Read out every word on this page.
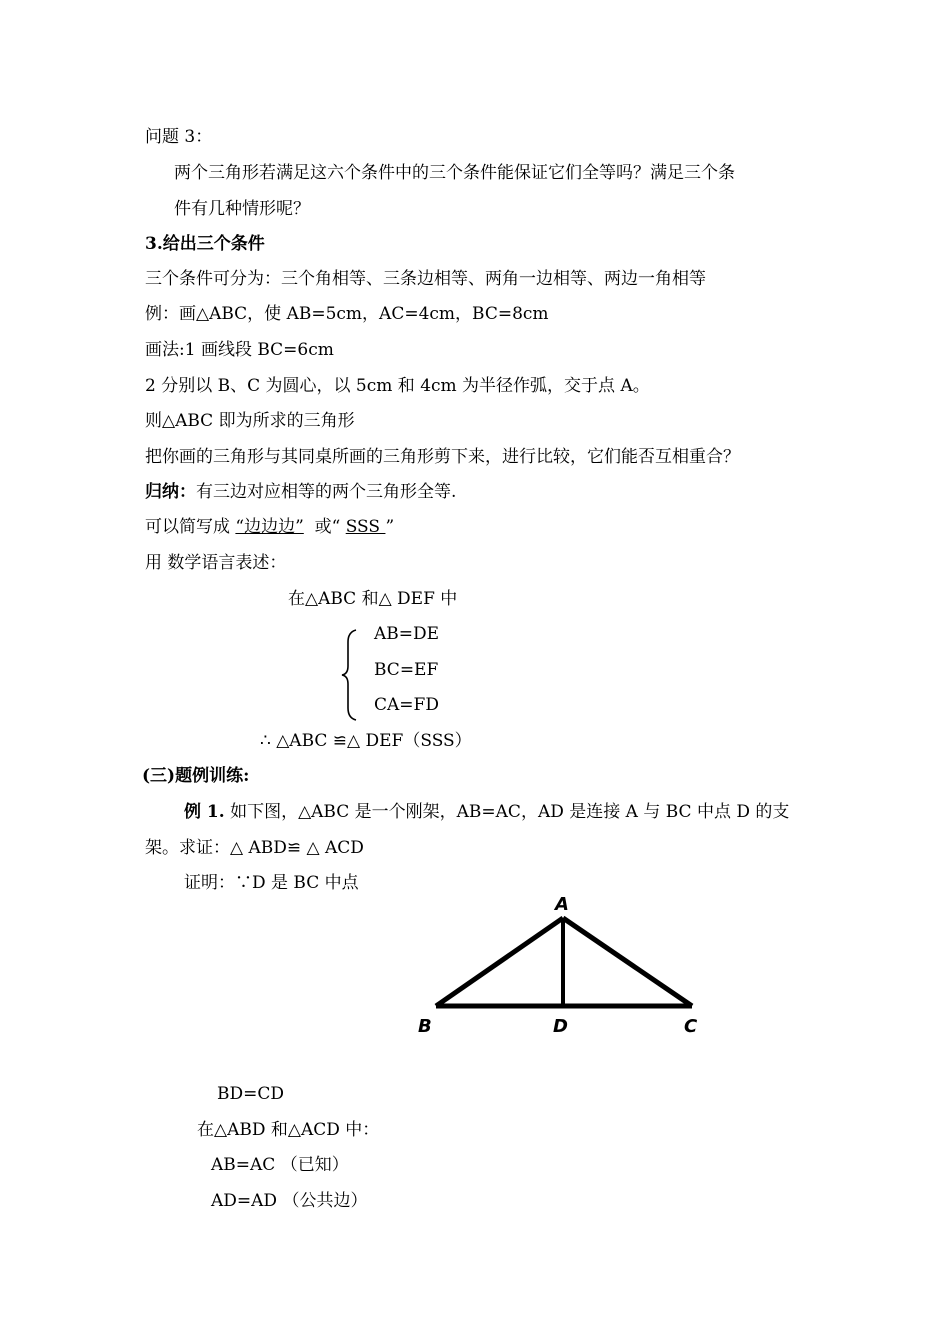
问题 3：
两个三角形若满足这六个条件中的三个条件能保证它们全等吗？满足三个条
件有几种情形呢？
3.给出三个条件
三个条件可分为：三个角相等、三条边相等、两角一边相等、两边一角相等
例：画△ABC，使 AB=5cm，AC=4cm，BC=8cm
画法:1 画线段 BC=6cm
2 分别以 B、C 为圆心，以 5cm 和 4cm 为半径作弧，交于点 A。
则△ABC 即为所求的三角形
把你画的三角形与其同桌所画的三角形剪下来，进行比较，它们能否互相重合？
归纳：有三边对应相等的两个三角形全等.
可以简写成 “边边边”  或“ SSS ”
用 数学语言表述：
在△ABC 和△ DEF 中
AB=DE
BC=EF
CA=FD
∴ △ABC ≌△ DEF（SSS）
(三)题例训练:
例 1. 如下图，△ABC 是一个刚架，AB=AC，AD 是连接 A 与 BC 中点 D 的支
架。求证：△ ABD≌ △ ACD
证明：∵D 是 BC 中点
A
B	D	C
BD=CD
在△ABD 和△ACD 中：
AB=AC （已知）
AD=AD （公共边）
